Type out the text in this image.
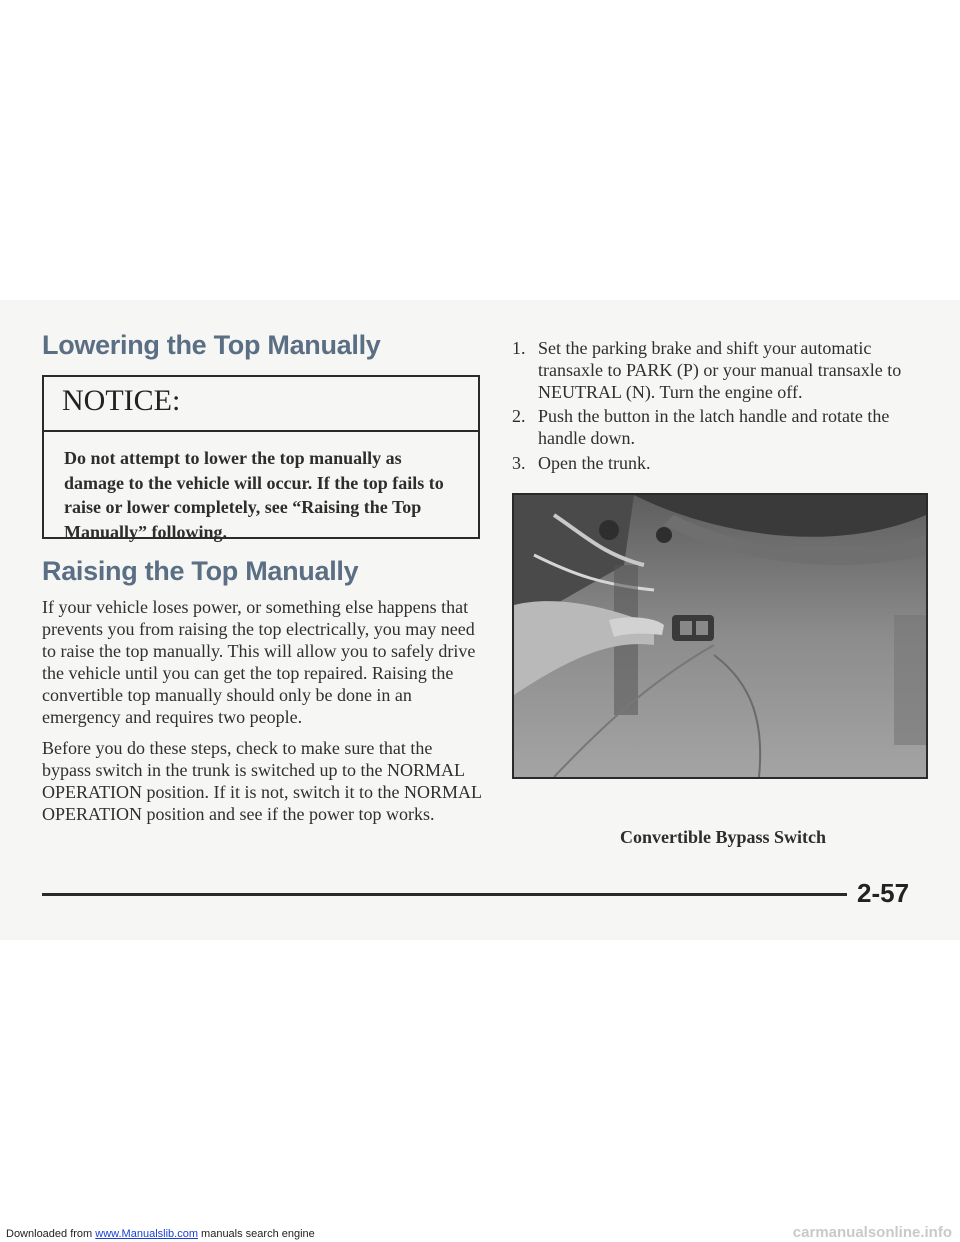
Lowering the Top Manually
NOTICE:
Do not attempt to lower the top manually as damage to the vehicle will occur. If the top fails to raise or lower completely, see “Raising the Top Manually” following.
Raising the Top Manually

If your vehicle loses power, or something else happens that prevents you from raising the top electrically, you may need to raise the top manually. This will allow you to safely drive the vehicle until you can get the top repaired. Raising the convertible top manually should only be done in an emergency and requires two people.

Before you do these steps, check to make sure that the bypass switch in the trunk is switched up to the NORMAL OPERATION position. If it is not, switch it to the NORMAL OPERATION position and see if the power top works.

1. Set the parking brake and shift your automatic transaxle to PARK (P) or your manual transaxle to NEUTRAL (N). Turn the engine off.
2. Push the button in the latch handle and rotate the handle down.
3. Open the trunk.

Convertible Bypass Switch

2-57

Downloaded from www.Manualslib.com manuals search engine	carmanualsonline.info
